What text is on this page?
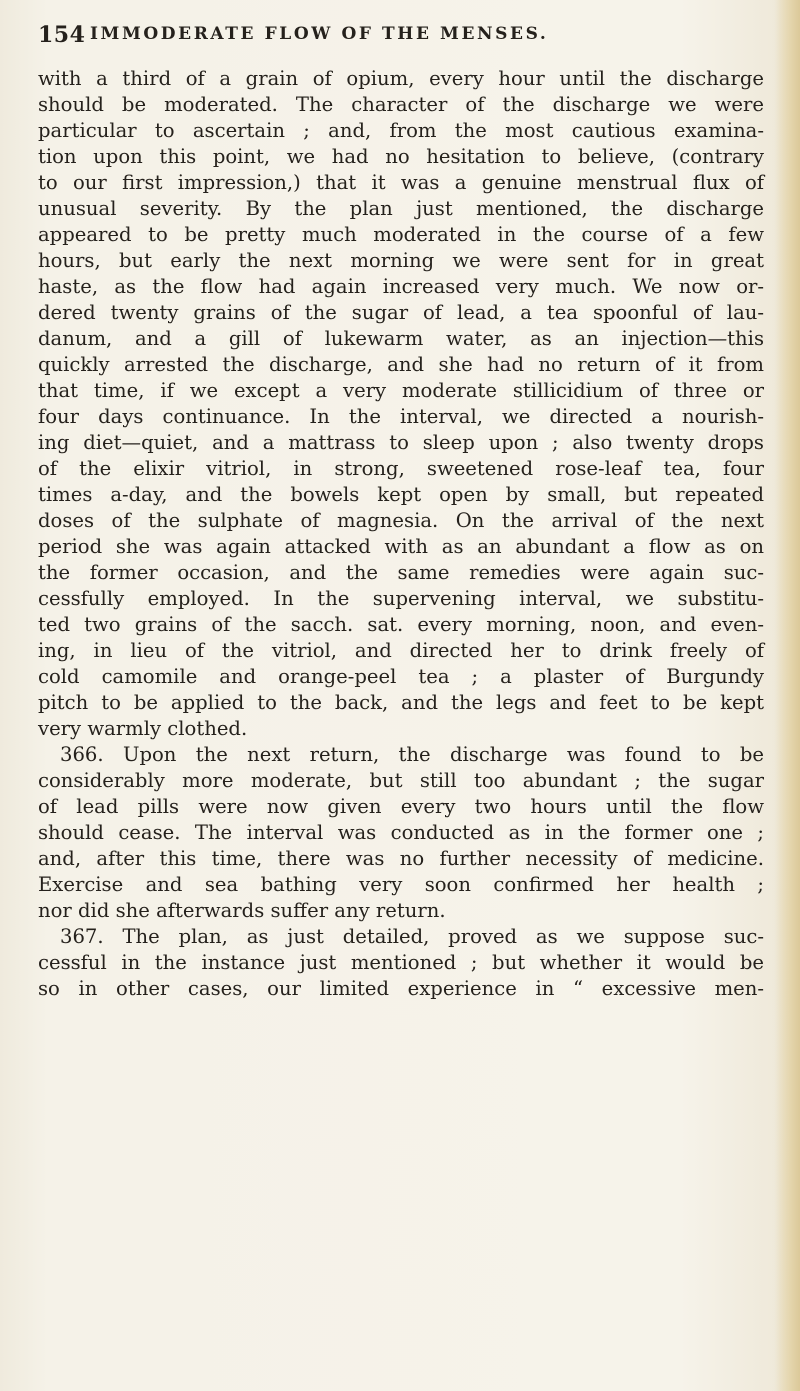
154 IMMODERATE FLOW OF THE MENSES.
with a third of a grain of opium, every hour until the discharge
should be moderated. The character of the discharge we were
particular to ascertain ; and, from the most cautious examina-
tion upon this point, we had no hesitation to believe, (contrary
to our first impression,) that it was a genuine menstrual flux of
unusual severity. By the plan just mentioned, the discharge
appeared to be pretty much moderated in the course of a few
hours, but early the next morning we were sent for in great
haste, as the flow had again increased very much. We now or-
dered twenty grains of the sugar of lead, a tea spoonful of lau-
danum, and a gill of lukewarm water, as an injection—this
quickly arrested the discharge, and she had no return of it from
that time, if we except a very moderate stillicidium of three or
four days continuance. In the interval, we directed a nourish-
ing diet—quiet, and a mattrass to sleep upon ; also twenty drops
of the elixir vitriol, in strong, sweetened rose-leaf tea, four
times a-day, and the bowels kept open by small, but repeated
doses of the sulphate of magnesia. On the arrival of the next
period she was again attacked with as an abundant a flow as on
the former occasion, and the same remedies were again suc-
cessfully employed. In the supervening interval, we substitu-
ted two grains of the sacch. sat. every morning, noon, and even-
ing, in lieu of the vitriol, and directed her to drink freely of
cold camomile and orange-peel tea ; a plaster of Burgundy
pitch to be applied to the back, and the legs and feet to be kept
very warmly clothed.
366. Upon the next return, the discharge was found to be
considerably more moderate, but still too abundant ; the sugar
of lead pills were now given every two hours until the flow
should cease. The interval was conducted as in the former one ;
and, after this time, there was no further necessity of medicine.
Exercise and sea bathing very soon confirmed her health ;
nor did she afterwards suffer any return.
367. The plan, as just detailed, proved as we suppose suc-
cessful in the instance just mentioned ; but whether it would be
so in other cases, our limited experience in “ excessive men-
